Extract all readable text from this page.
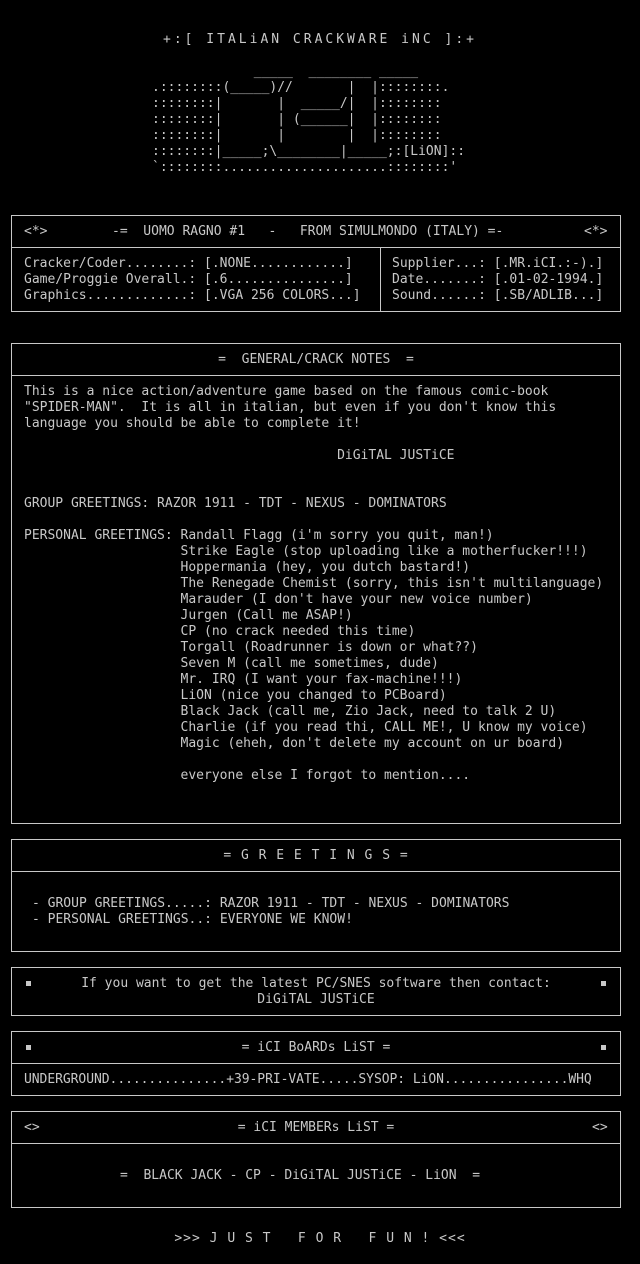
+:[ ITALiAN CRACKWARE iNC ]:+
_____  ________ _____
.::::::::(_____)//       |  |::::::::.
::::::::|       |  _____/|  |::::::::
::::::::|       | (______|  |::::::::
::::::::|       |        |  |::::::::
::::::::|_____;\________|_____;:[LiON]::
`::::::::.....................::::::::'
<*>	-=  UOMO RAGNO #1   -   FROM SIMULMONDO (ITALY) =-	<*>
Cracker/Coder........: [.NONE............]
Game/Proggie Overall.: [.6...............]
Graphics.............: [.VGA 256 COLORS...]
Supplier...: [.MR.iCI.:-).]
Date.......: [.01-02-1994.]
Sound......: [.SB/ADLIB...]
=  GENERAL/CRACK NOTES  =
This is a nice action/adventure game based on the famous comic-book
"SPIDER-MAN".  It is all in italian, but even if you don't know this
language you should be able to complete it!
DiGiTAL JUSTiCE
GROUP GREETINGS: RAZOR 1911 - TDT - NEXUS - DOMINATORS
PERSONAL GREETINGS: Randall Flagg (i'm sorry you quit, man!)
Strike Eagle (stop uploading like a motherfucker!!!)
Hoppermania (hey, you dutch bastard!)
The Renegade Chemist (sorry, this isn't multilanguage)
Marauder (I don't have your new voice number)
Jurgen (Call me ASAP!)
CP (no crack needed this time)
Torgall (Roadrunner is down or what??)
Seven M (call me sometimes, dude)
Mr. IRQ (I want your fax-machine!!!)
LiON (nice you changed to PCBoard)
Black Jack (call me, Zio Jack, need to talk 2 U)
Charlie (if you read thi, CALL ME!, U know my voice)
Magic (eheh, don't delete my account on ur board)
everyone else I forgot to mention....
= G R E E T I N G S =
- GROUP GREETINGS.....: RAZOR 1911 - TDT - NEXUS - DOMINATORS
- PERSONAL GREETINGS..: EVERYONE WE KNOW!
If you want to get the latest PC/SNES software then contact:
DiGiTAL JUSTiCE
= iCI BoARDs LiST =
UNDERGROUND...............+39-PRI-VATE.....SYSOP: LiON................WHQ
<>	<>
= iCI MEMBERs LiST =
=  BLACK JACK - CP - DiGiTAL JUSTiCE - LiON  =
>>> J U S T   F O R   F U N ! <<<
